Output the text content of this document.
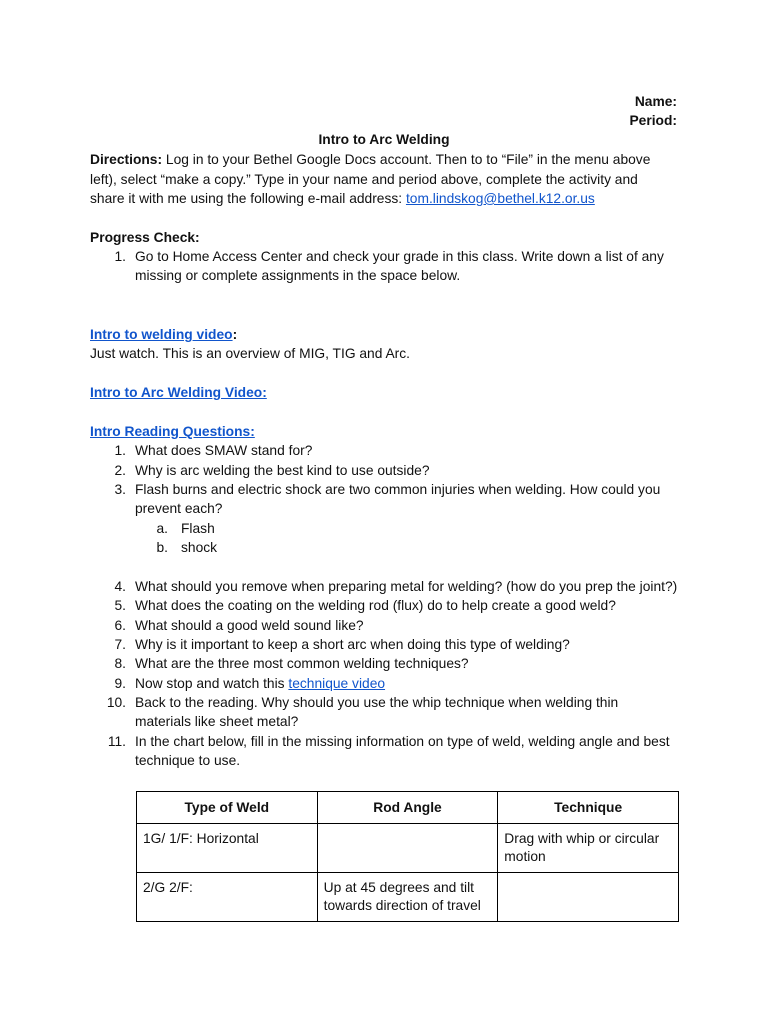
Name:
Period:
Intro to Arc Welding
Directions: Log in to your Bethel Google Docs account. Then to to “File” in the menu above
left), select “make a copy.” Type in your name and period above, complete the activity and
share it with me using the following e-mail address: tom.lindskog@bethel.k12.or.us
Progress Check:
1. Go to Home Access Center and check your grade in this class. Write down a list of any
missing or complete assignments in the space below.
Intro to welding video:
Just watch. This is an overview of MIG, TIG and Arc.
Intro to Arc Welding Video:
Intro Reading Questions:
1. What does SMAW stand for?
2. Why is arc welding the best kind to use outside?
3. Flash burns and electric shock are two common injuries when welding. How could you
prevent each?
a. Flash
b. shock
4. What should you remove when preparing metal for welding? (how do you prep the joint?)
5. What does the coating on the welding rod (flux) do to help create a good weld?
6. What should a good weld sound like?
7. Why is it important to keep a short arc when doing this type of welding?
8. What are the three most common welding techniques?
9. Now stop and watch this technique video
10. Back to the reading. Why should you use the whip technique when welding thin
materials like sheet metal?
11. In the chart below, fill in the missing information on type of weld, welding angle and best
technique to use.
Type of Weld	Rod Angle	Technique
1G/ 1/F: Horizontal		Drag with whip or circular
motion

2/G 2/F:	Up at 45 degrees and tilt
towards direction of travel	
